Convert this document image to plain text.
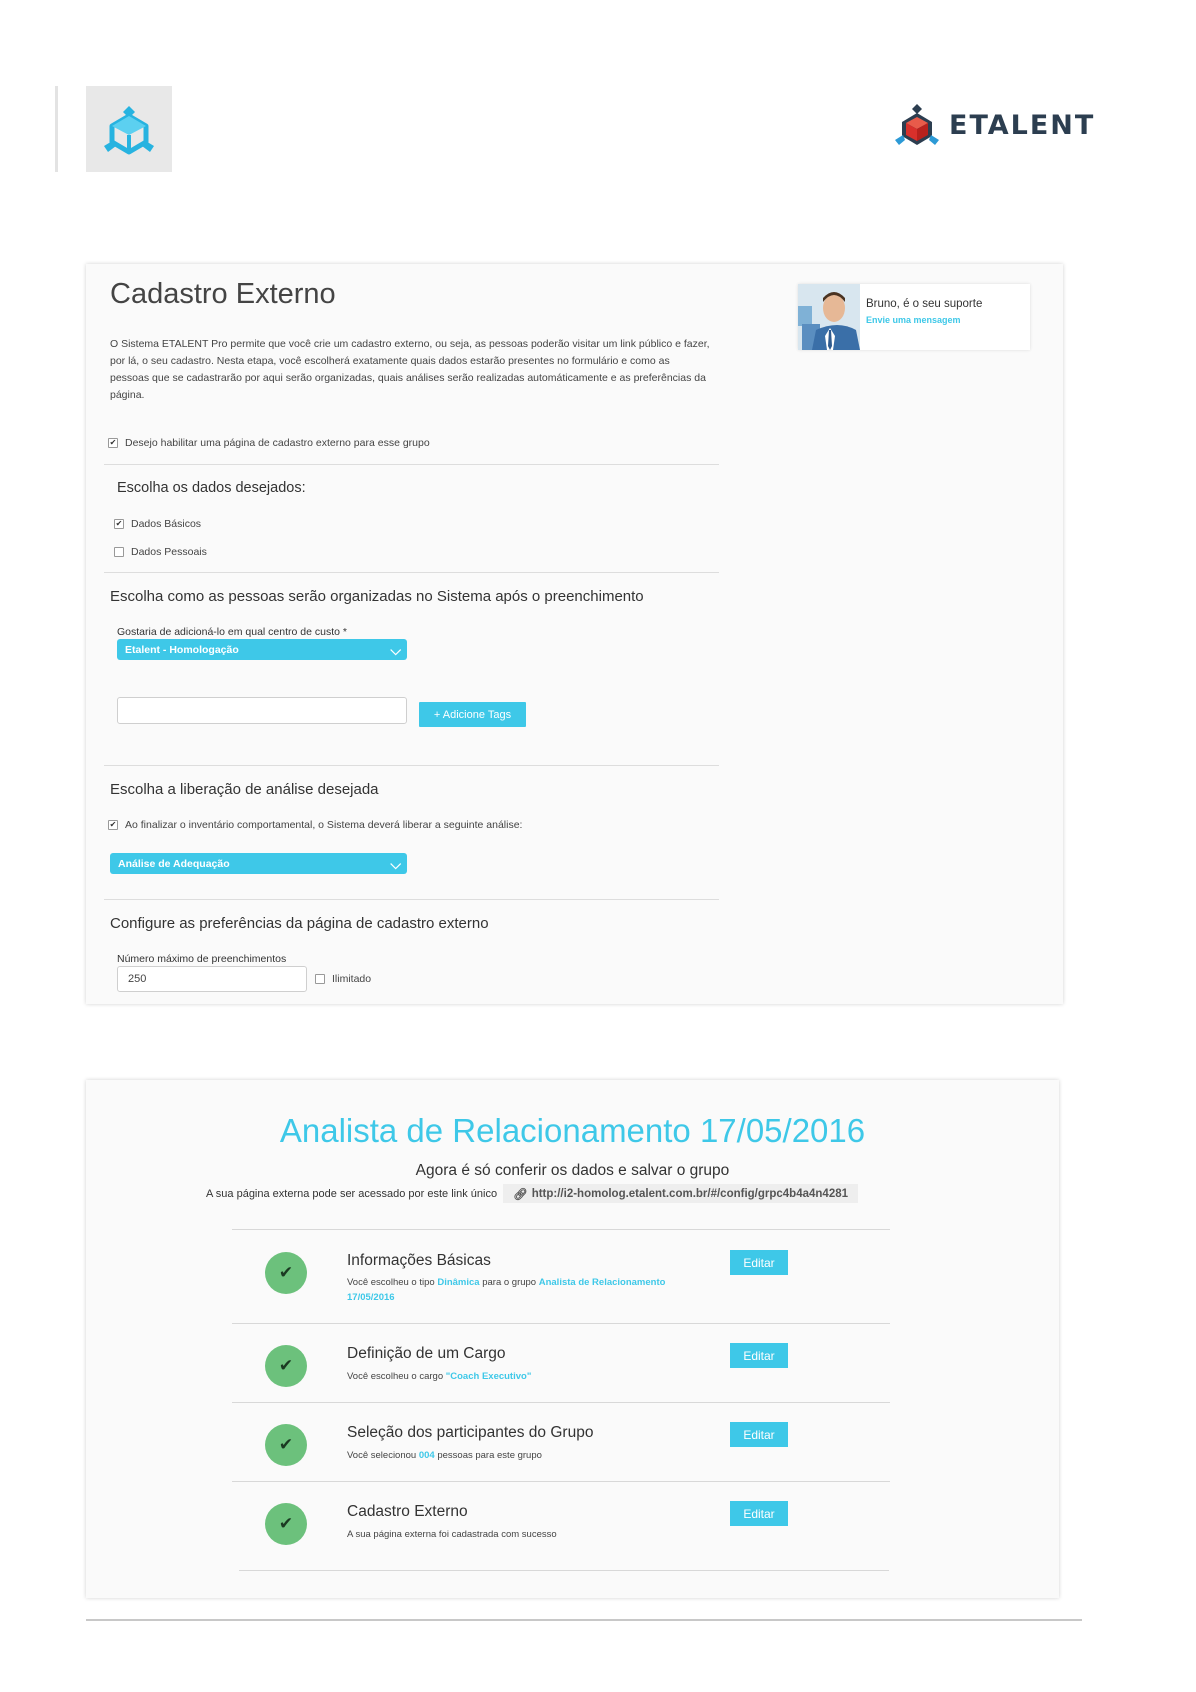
ETALENT
Cadastro Externo
O Sistema ETALENT Pro permite que você crie um cadastro externo, ou seja, as pessoas poderão visitar um link público e fazer, por lá, o seu cadastro. Nesta etapa, você escolherá exatamente quais dados estarão presentes no formulário e como as pessoas que se cadastrarão por aqui serão organizadas, quais análises serão realizadas automáticamente e as preferências da página.
✔ Desejo habilitar uma página de cadastro externo para esse grupo
Bruno, é o seu suporte
Envie uma mensagem
Escolha os dados desejados:
✔ Dados Básicos
Dados Pessoais
Escolha como as pessoas serão organizadas no Sistema após o preenchimento
Gostaria de adicioná-lo em qual centro de custo *
Etalent - Homologação	⌵
+ Adicione Tags
Escolha a liberação de análise desejada
✔ Ao finalizar o inventário comportamental, o Sistema deverá liberar a seguinte análise:
Análise de Adequação	⌵
Configure as preferências da página de cadastro externo
Número máximo de preenchimentos
250	Ilimitado
Analista de Relacionamento 17/05/2016
Agora é só conferir os dados e salvar o grupo
A sua página externa pode ser acessado por este link único 🔗︎ http://i2-homolog.etalent.com.br/#/config/grpc4b4a4n4281
✔
Informações Básicas
Você escolheu o tipo Dinâmica para o grupo Analista de Relacionamento 17/05/2016
Editar
✔
Definição de um Cargo
Você escolheu o cargo "Coach Executivo"
Editar
✔
Seleção dos participantes do Grupo
Você selecionou 004 pessoas para este grupo
Editar
✔
Cadastro Externo
A sua página externa foi cadastrada com sucesso
Editar
